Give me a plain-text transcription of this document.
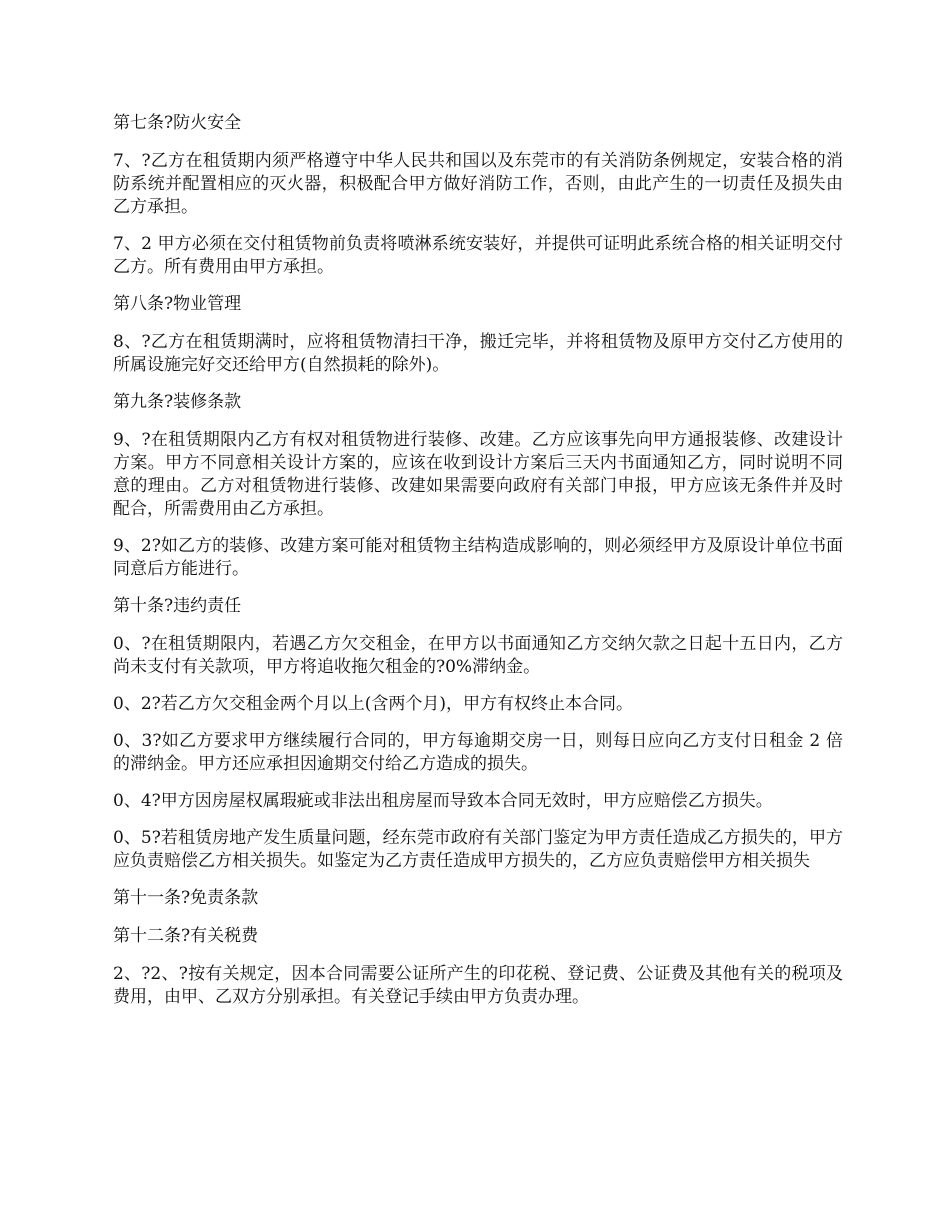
第七条?防火安全

7、?乙方在租赁期内须严格遵守中华人民共和国以及东莞市的有关消防条例规定，安装合格的消防系统并配置相应的灭火器，积极配合甲方做好消防工作，否则，由此产生的一切责任及损失由乙方承担。

7、2 甲方必须在交付租赁物前负责将喷淋系统安装好，并提供可证明此系统合格的相关证明交付乙方。所有费用由甲方承担。

第八条?物业管理

8、?乙方在租赁期满时，应将租赁物清扫干净，搬迁完毕，并将租赁物及原甲方交付乙方使用的所属设施完好交还给甲方(自然损耗的除外)。

第九条?装修条款

9、?在租赁期限内乙方有权对租赁物进行装修、改建。乙方应该事先向甲方通报装修、改建设计方案。甲方不同意相关设计方案的，应该在收到设计方案后三天内书面通知乙方，同时说明不同意的理由。乙方对租赁物进行装修、改建如果需要向政府有关部门申报，甲方应该无条件并及时配合，所需费用由乙方承担。

9、2?如乙方的装修、改建方案可能对租赁物主结构造成影响的，则必须经甲方及原设计单位书面同意后方能进行。

第十条?违约责任

0、?在租赁期限内，若遇乙方欠交租金，在甲方以书面通知乙方交纳欠款之日起十五日内，乙方尚未支付有关款项，甲方将追收拖欠租金的?0%滞纳金。

0、2?若乙方欠交租金两个月以上(含两个月)，甲方有权终止本合同。

0、3?如乙方要求甲方继续履行合同的，甲方每逾期交房一日，则每日应向乙方支付日租金 2 倍的滞纳金。甲方还应承担因逾期交付给乙方造成的损失。

0、4?甲方因房屋权属瑕疵或非法出租房屋而导致本合同无效时，甲方应赔偿乙方损失。

0、5?若租赁房地产发生质量问题，经东莞市政府有关部门鉴定为甲方责任造成乙方损失的，甲方应负责赔偿乙方相关损失。如鉴定为乙方责任造成甲方损失的，乙方应负责赔偿甲方相关损失

第十一条?免责条款

第十二条?有关税费

2、?2、?按有关规定，因本合同需要公证所产生的印花税、登记费、公证费及其他有关的税项及费用，由甲、乙双方分别承担。有关登记手续由甲方负责办理。
